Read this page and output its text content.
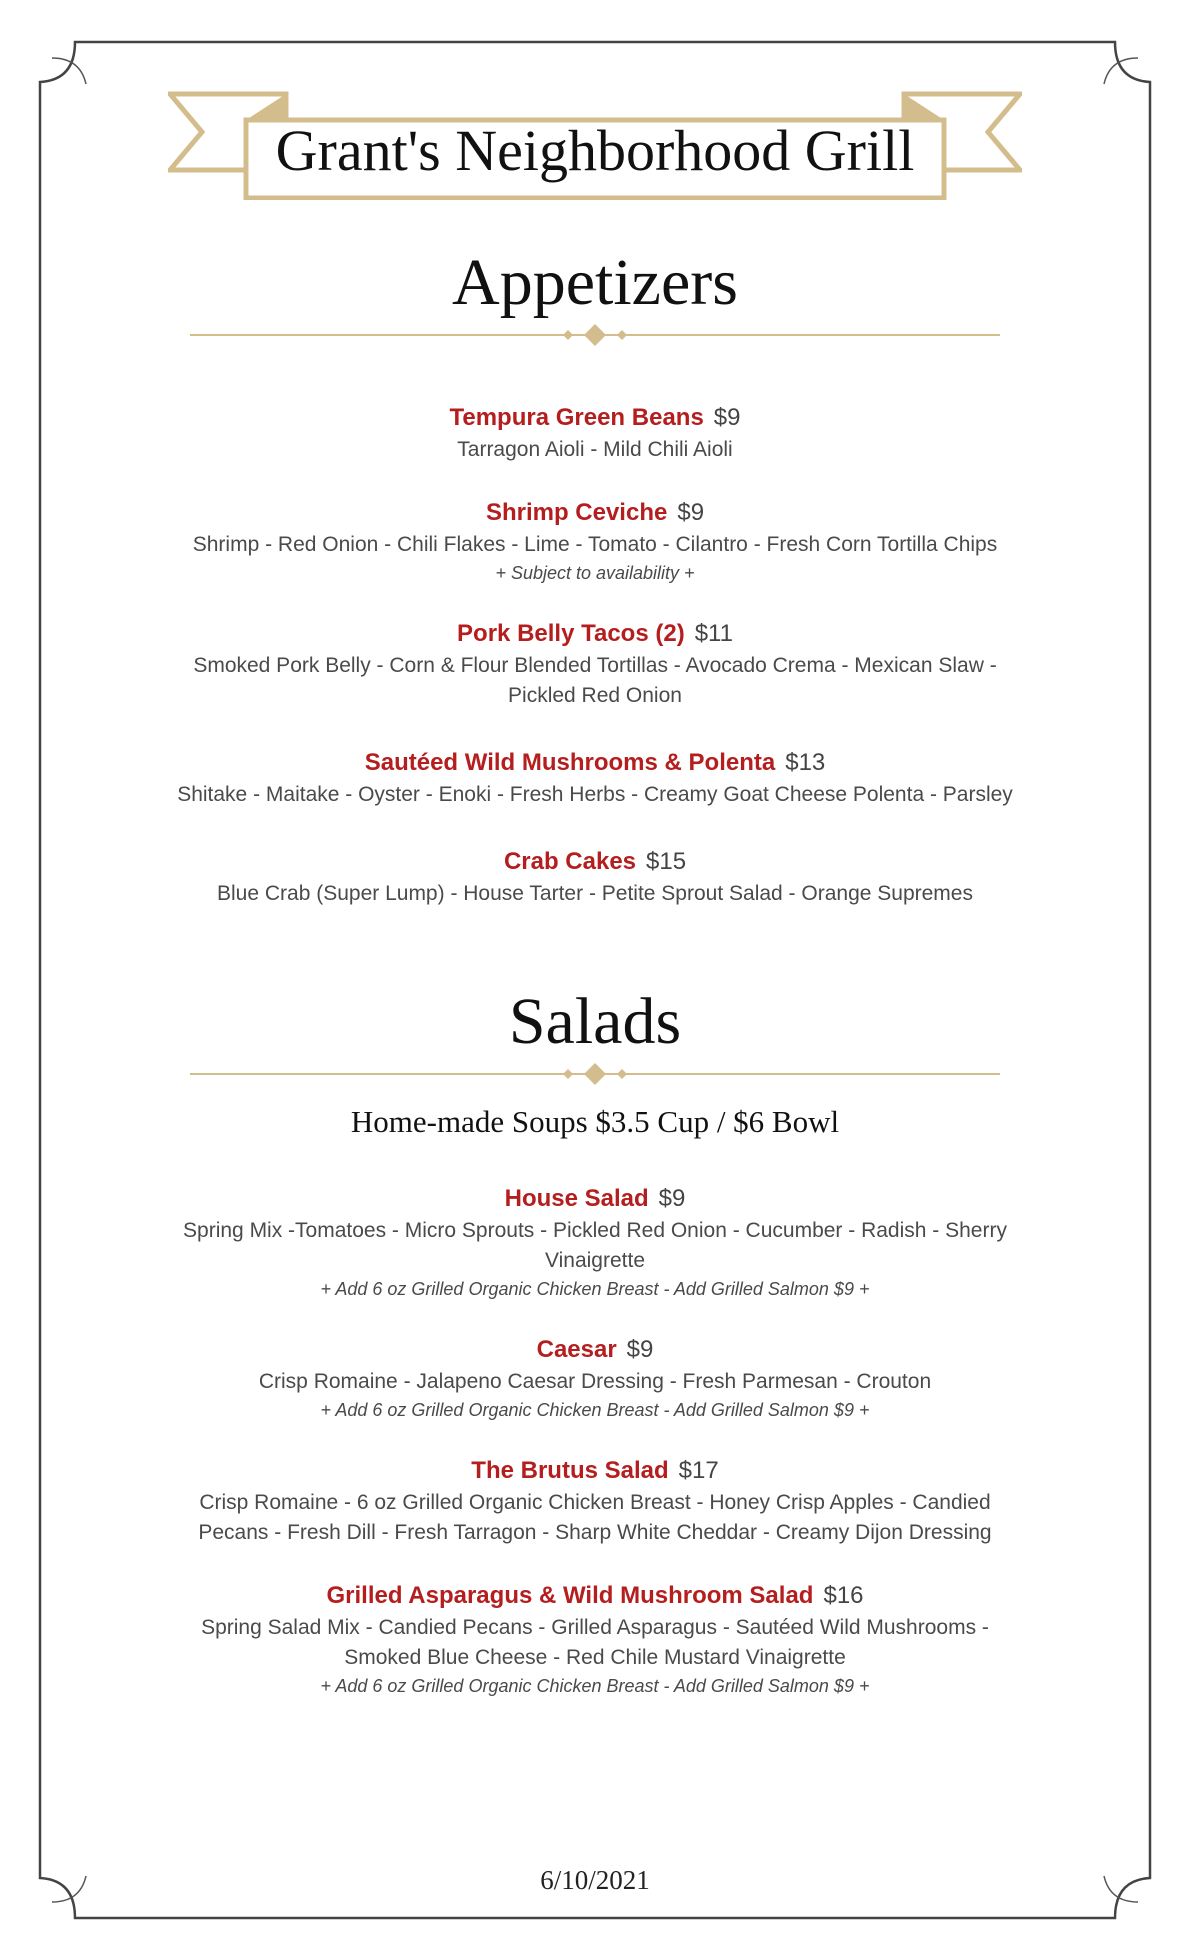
Grant's Neighborhood Grill
Appetizers
Tempura Green Beans $9
Tarragon Aioli - Mild Chili Aioli
Shrimp Ceviche $9
Shrimp - Red Onion - Chili Flakes - Lime - Tomato - Cilantro - Fresh Corn Tortilla Chips
+ Subject to availability +
Pork Belly Tacos (2) $11
Smoked Pork Belly - Corn & Flour Blended Tortillas - Avocado Crema - Mexican Slaw - Pickled Red Onion
Sautéed Wild Mushrooms & Polenta $13
Shitake - Maitake - Oyster - Enoki - Fresh Herbs - Creamy Goat Cheese Polenta - Parsley
Crab Cakes $15
Blue Crab (Super Lump) - House Tarter - Petite Sprout Salad - Orange Supremes
Salads
Home-made Soups $3.5 Cup / $6 Bowl
House Salad $9
Spring Mix -Tomatoes - Micro Sprouts - Pickled Red Onion - Cucumber - Radish - Sherry Vinaigrette
+ Add 6 oz Grilled Organic Chicken Breast - Add Grilled Salmon $9 +
Caesar $9
Crisp Romaine - Jalapeno Caesar Dressing - Fresh Parmesan - Crouton
+ Add 6 oz Grilled Organic Chicken Breast - Add Grilled Salmon $9 +
The Brutus Salad $17
Crisp Romaine - 6 oz Grilled Organic Chicken Breast - Honey Crisp Apples - Candied Pecans - Fresh Dill - Fresh Tarragon - Sharp White Cheddar - Creamy Dijon Dressing
Grilled Asparagus & Wild Mushroom Salad $16
Spring Salad Mix - Candied Pecans - Grilled Asparagus - Sautéed Wild Mushrooms - Smoked Blue Cheese - Red Chile Mustard Vinaigrette
+ Add 6 oz Grilled Organic Chicken Breast - Add Grilled Salmon $9 +
6/10/2021
